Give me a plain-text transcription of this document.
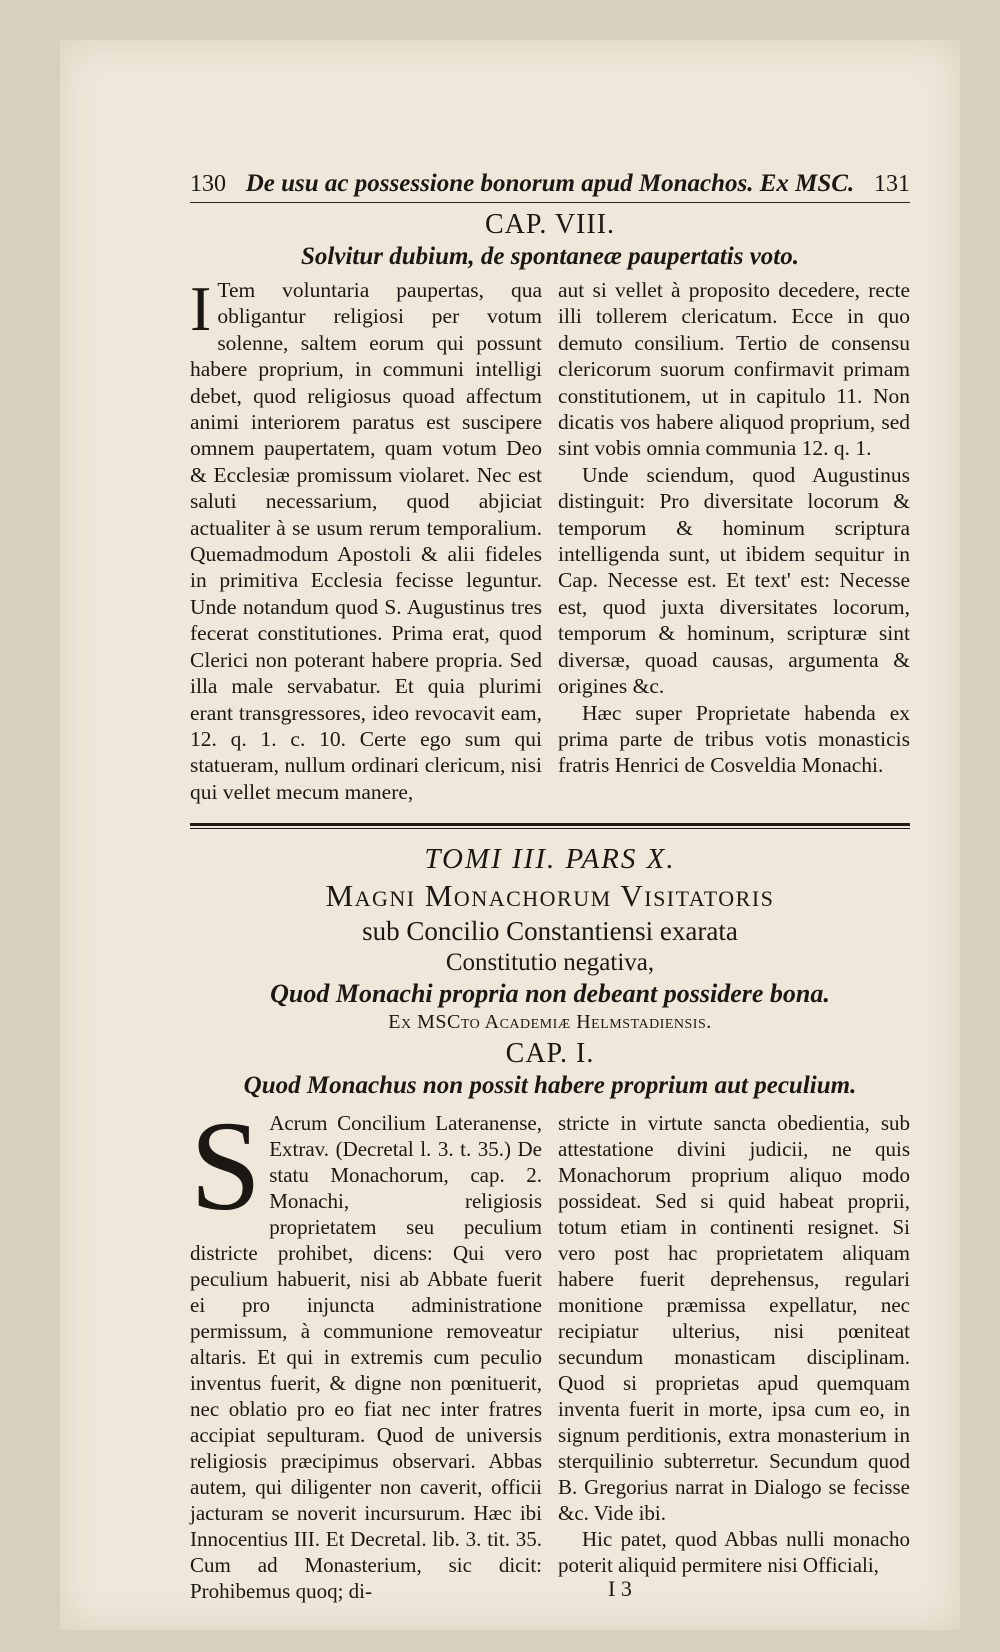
130 De usu ac possessione bonorum apud Monachos. Ex MSC. 131
CAP. VIII.
Solvitur dubium, de spontaneæ paupertatis voto.

I Tem voluntaria paupertas, qua obligantur religiosi per votum solenne, saltem eorum qui possunt habere proprium, in communi intelligi debet, quod religiosus quoad affectum animi interiorem paratus est suscipere omnem paupertatem, quam votum Deo & Ecclesiæ promissum violaret. Nec est saluti necessarium, quod abjiciat actualiter à se usum rerum temporalium. Quemadmodum Apostoli & alii fideles in primitiva Ecclesia fecisse leguntur. Unde notandum quod S. Augustinus tres fecerat constitutiones. Prima erat, quod Clerici non poterant habere propria. Sed illa male servabatur. Et quia plurimi erant transgressores, ideo revocavit eam, 12. q. 1. c. 10. Certe ego sum qui statueram, nullum ordinari clericum, nisi qui vellet mecum manere,

aut si vellet à proposito decedere, recte illi tollerem clericatum. Ecce in quo demuto consilium. Tertio de consensu clericorum suorum confirmavit primam constitutionem, ut in capitulo 11. Non dicatis vos habere aliquod proprium, sed sint vobis omnia communia 12. q. 1.

Unde sciendum, quod Augustinus distinguit: Pro diversitate locorum & temporum & hominum scriptura intelligenda sunt, ut ibidem sequitur in Cap. Necesse est. Et text' est: Necesse est, quod juxta diversitates locorum, temporum & hominum, scripturæ sint diversæ, quoad causas, argumenta & origines &c.

Hæc super Proprietate habenda ex prima parte de tribus votis monasticis fratris Henrici de Cosveldia Monachi.

TOMI III. PARS X.
Magni Monachorum Visitatoris
sub Concilio Constantiensi exarata
Constitutio negativa,
Quod Monachi propria non debeant possidere bona.
Ex MSCto Academiæ Helmstadiensis.
CAP. I.
Quod Monachus non possit habere proprium aut peculium.

S Acrum Concilium Lateranense, Extrav. (Decretal l. 3. t. 35.) De statu Monachorum, cap. 2. Monachi, religiosis proprietatem seu peculium districte prohibet, dicens: Qui vero peculium habuerit, nisi ab Abbate fuerit ei pro injuncta administratione permissum, à communione removeatur altaris. Et qui in extremis cum peculio inventus fuerit, & digne non pœnituerit, nec oblatio pro eo fiat nec inter fratres accipiat sepulturam. Quod de universis religiosis præcipimus observari. Abbas autem, qui diligenter non caverit, officii jacturam se noverit incursurum. Hæc ibi Innocentius III. Et Decretal. lib. 3. tit. 35. Cum ad Monasterium, sic dicit: Prohibemus quoq; di-

stricte in virtute sancta obedientia, sub attestatione divini judicii, ne quis Monachorum proprium aliquo modo possideat. Sed si quid habeat proprii, totum etiam in continenti resignet. Si vero post hac proprietatem aliquam habere fuerit deprehensus, regulari monitione præmissa expellatur, nec recipiatur ulterius, nisi pœniteat secundum monasticam disciplinam. Quod si proprietas apud quemquam inventa fuerit in morte, ipsa cum eo, in signum perditionis, extra monasterium in sterquilinio subterretur. Secundum quod B. Gregorius narrat in Dialogo se fecisse &c. Vide ibi.

Hic patet, quod Abbas nulli monacho poterit aliquid permitere nisi Officiali,

I 3
